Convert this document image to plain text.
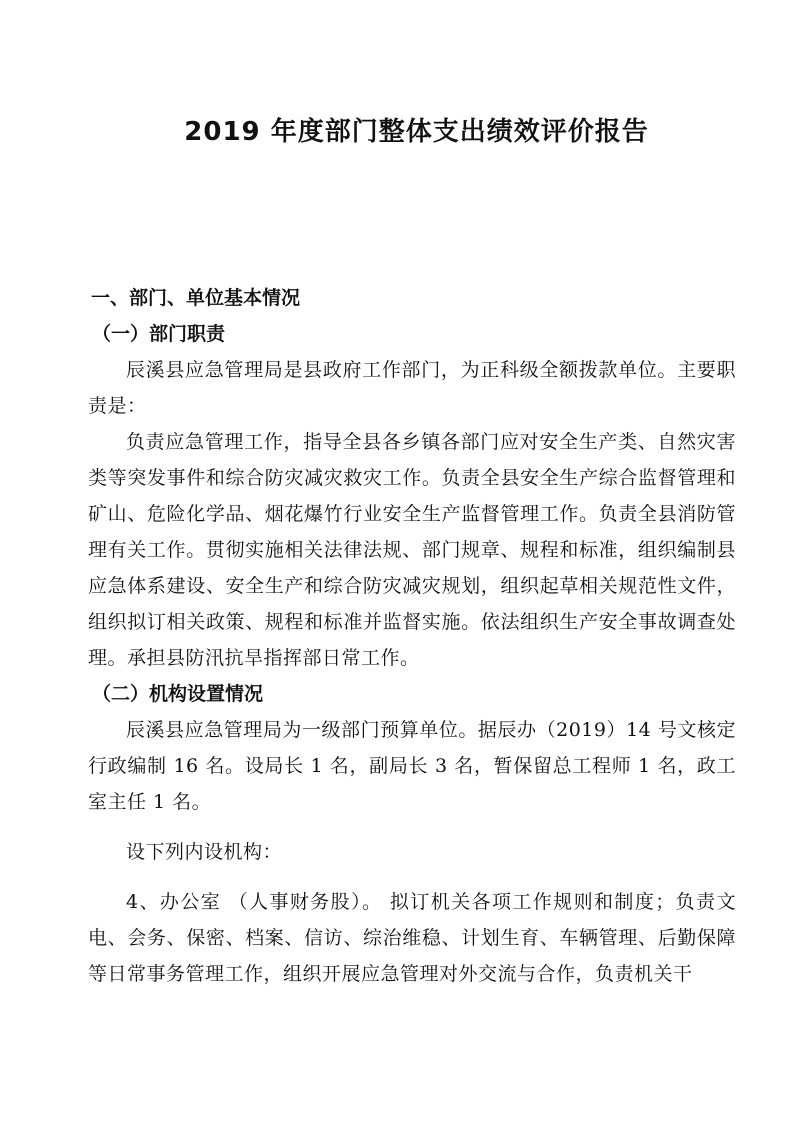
2019 年度部门整体支出绩效评价报告
一、部门、单位基本情况
（一）部门职责

辰溪县应急管理局是县政府工作部门，为正科级全额拨款单位。主要职责是：

负责应急管理工作，指导全县各乡镇各部门应对安全生产类、自然灾害类等突发事件和综合防灾减灾救灾工作。负责全县安全生产综合监督管理和矿山、危险化学品、烟花爆竹行业安全生产监督管理工作。负责全县消防管理有关工作。贯彻实施相关法律法规、部门规章、规程和标准，组织编制县应急体系建设、安全生产和综合防灾减灾规划，组织起草相关规范性文件，组织拟订相关政策、规程和标准并监督实施。依法组织生产安全事故调查处理。承担县防汛抗旱指挥部日常工作。

（二）机构设置情况

辰溪县应急管理局为一级部门预算单位。据辰办（2019）14 号文核定行政编制 16 名。设局长 1 名，副局长 3 名，暂保留总工程师 1 名，政工室主任 1 名。

设下列内设机构：

4、办公室 （人事财务股）。 拟订机关各项工作规则和制度；负责文电、会务、保密、档案、信访、综治维稳、计划生育、车辆管理、后勤保障等日常事务管理工作，组织开展应急管理对外交流与合作，负责机关干
